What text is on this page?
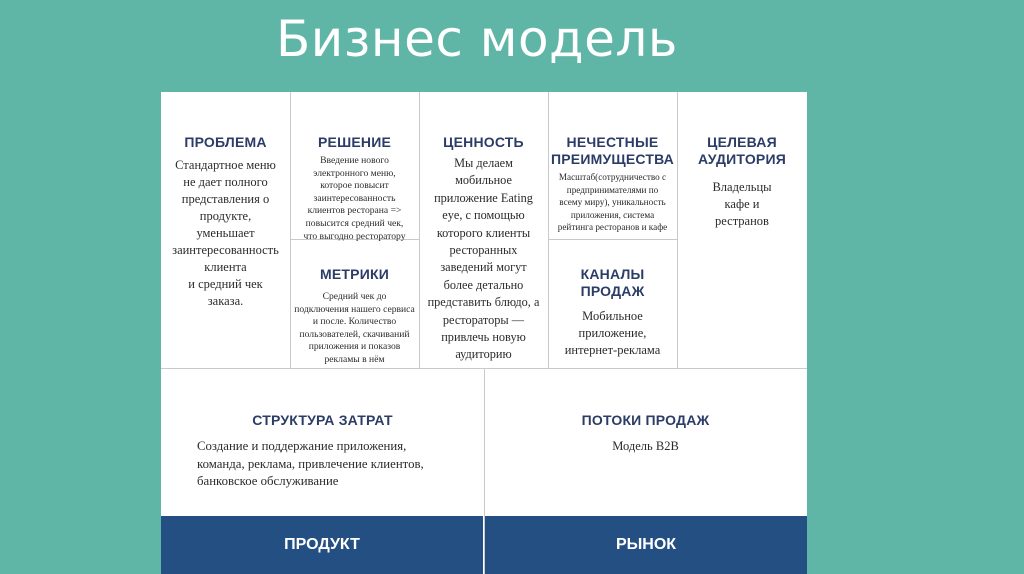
Бизнес модель
ПРОБЛЕМА
Стандартное меню
не дает полного
представления о
продукте,
уменьшает
заинтересованность
клиента
и средний чек
заказа.
РЕШЕНИЕ
Введение нового
электронного меню,
которое повысит
заинтересованность
клиентов ресторана =>
повысится средний чек,
что выгодно ресторатору
МЕТРИКИ
Средний чек до
подключения нашего сервиса
и после. Количество
пользователей, скачиваний
приложения и показов
рекламы в нём
ЦЕННОСТЬ
Мы делаем
мобильное
приложение Eating
eye, с помощью
которого клиенты
ресторанных
заведений могут
более детально
представить блюдо, а
рестораторы —
привлечь новую
аудиторию
НЕЧЕСТНЫЕ
ПРЕИМУЩЕСТВА
Масштаб(сотрудничество с
предпринимателями по
всему миру), уникальность
приложения, система
рейтинга ресторанов и кафе
КАНАЛЫ
ПРОДАЖ
Мобильное
приложение,
интернет-реклама
ЦЕЛЕВАЯ
АУДИТОРИЯ
Владельцы
кафе и
рестранов
СТРУКТУРА ЗАТРАТ
Создание и поддержание приложения,
команда, реклама, привлечение клиентов,
банковское обслуживание
ПОТОКИ ПРОДАЖ
Модель B2B
ПРОДУКТ	РЫНОК
